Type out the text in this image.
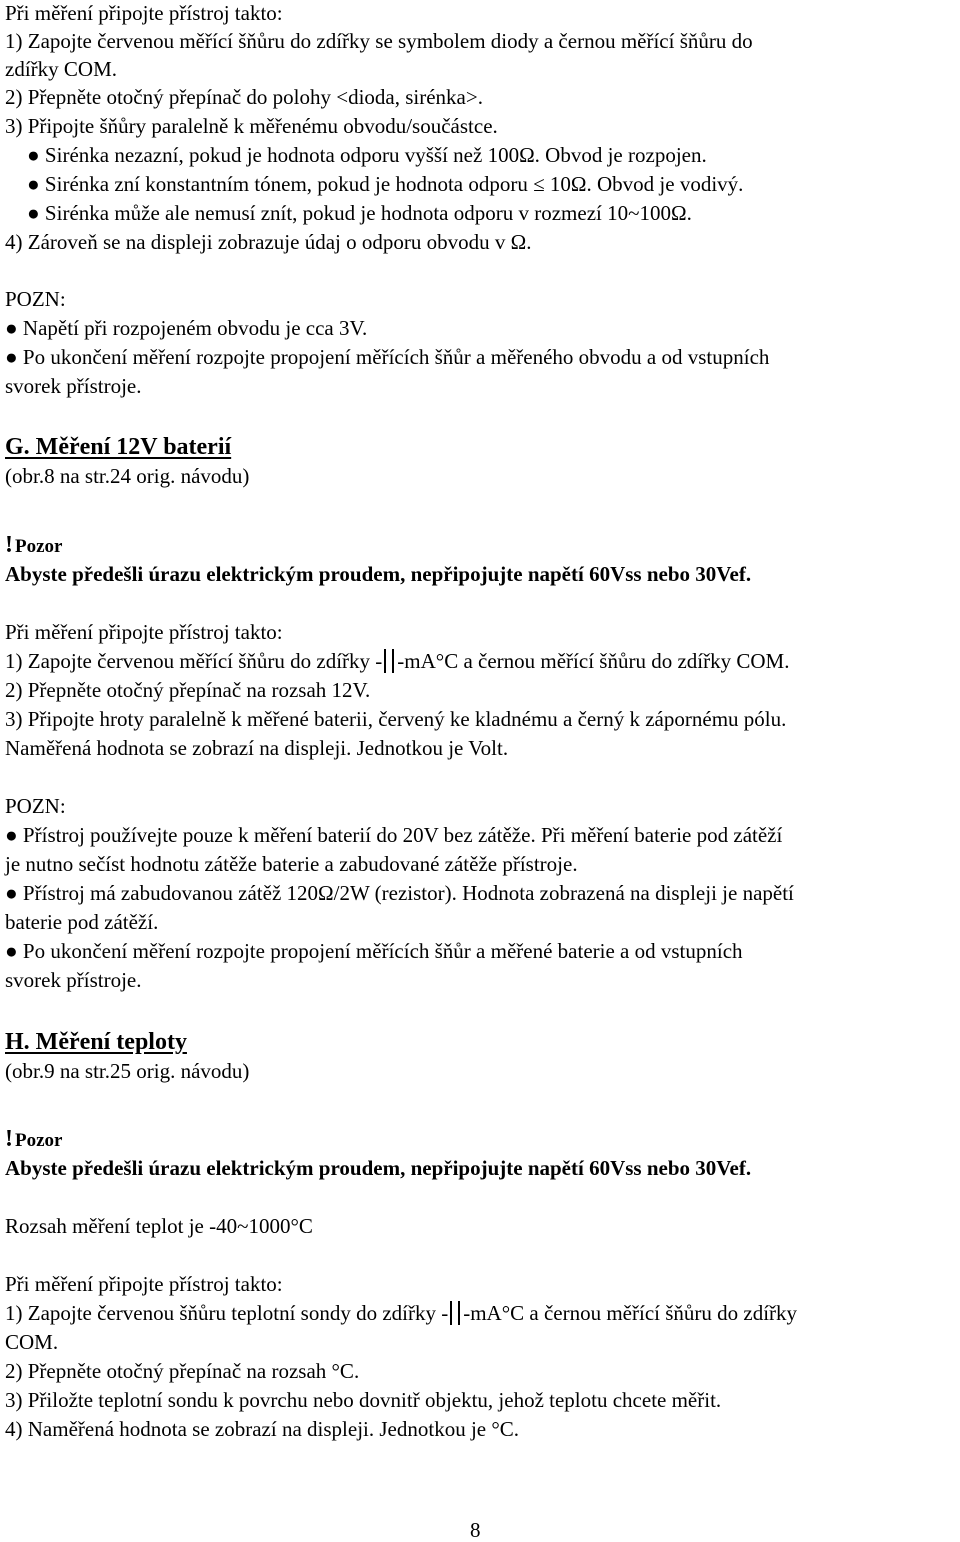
Při měření připojte přístroj takto:
1) Zapojte červenou měřící šňůru do zdířky se symbolem diody a černou měřící šňůru do
zdířky COM.
2) Přepněte otočný přepínač do polohy <dioda, sirénka>.
3) Připojte šňůry paralelně k měřenému obvodu/součástce.
● Sirénka nezazní, pokud je hodnota odporu vyšší než 100Ω. Obvod je rozpojen.
● Sirénka zní konstantním tónem, pokud je hodnota odporu ≤ 10Ω. Obvod je vodivý.
● Sirénka může ale nemusí znít, pokud je hodnota odporu v rozmezí 10~100Ω.
4) Zároveň se na displeji zobrazuje údaj o odporu obvodu v Ω.
POZN:
● Napětí při rozpojeném obvodu je cca 3V.
● Po ukončení měření rozpojte propojení měřících šňůr a měřeného obvodu a od vstupních
svorek přístroje.
G. Měření 12V baterií
(obr.8 na str.24 orig. návodu)
! Pozor
Abyste předešli úrazu elektrickým proudem, nepřipojujte napětí 60Vss nebo 30Vef.
Při měření připojte přístroj takto:
1) Zapojte červenou měřící šňůru do zdířky - -mA°C a černou měřící šňůru do zdířky COM.
2) Přepněte otočný přepínač na rozsah 12V.
3) Připojte hroty paralelně k měřené baterii, červený ke kladnému a černý k zápornému pólu.
Naměřená hodnota se zobrazí na displeji. Jednotkou je Volt.
POZN:
● Přístroj používejte pouze k měření baterií do 20V bez zátěže. Při měření baterie pod zátěží
je nutno sečíst hodnotu zátěže baterie a zabudované zátěže přístroje.
● Přístroj má zabudovanou zátěž 120Ω/2W (rezistor). Hodnota zobrazená na displeji je napětí
baterie pod zátěží.
● Po ukončení měření rozpojte propojení měřících šňůr a měřené baterie a od vstupních
svorek přístroje.
H. Měření teploty
(obr.9 na str.25 orig. návodu)
! Pozor
Abyste předešli úrazu elektrickým proudem, nepřipojujte napětí 60Vss nebo 30Vef.
Rozsah měření teplot je -40~1000°C
Při měření připojte přístroj takto:
1) Zapojte červenou šňůru teplotní sondy do zdířky - -mA°C a černou měřící šňůru do zdířky
COM.
2) Přepněte otočný přepínač na rozsah °C.
3) Přiložte teplotní sondu k povrchu nebo dovnitř objektu, jehož teplotu chcete měřit.
4) Naměřená hodnota se zobrazí na displeji. Jednotkou je °C.
8
